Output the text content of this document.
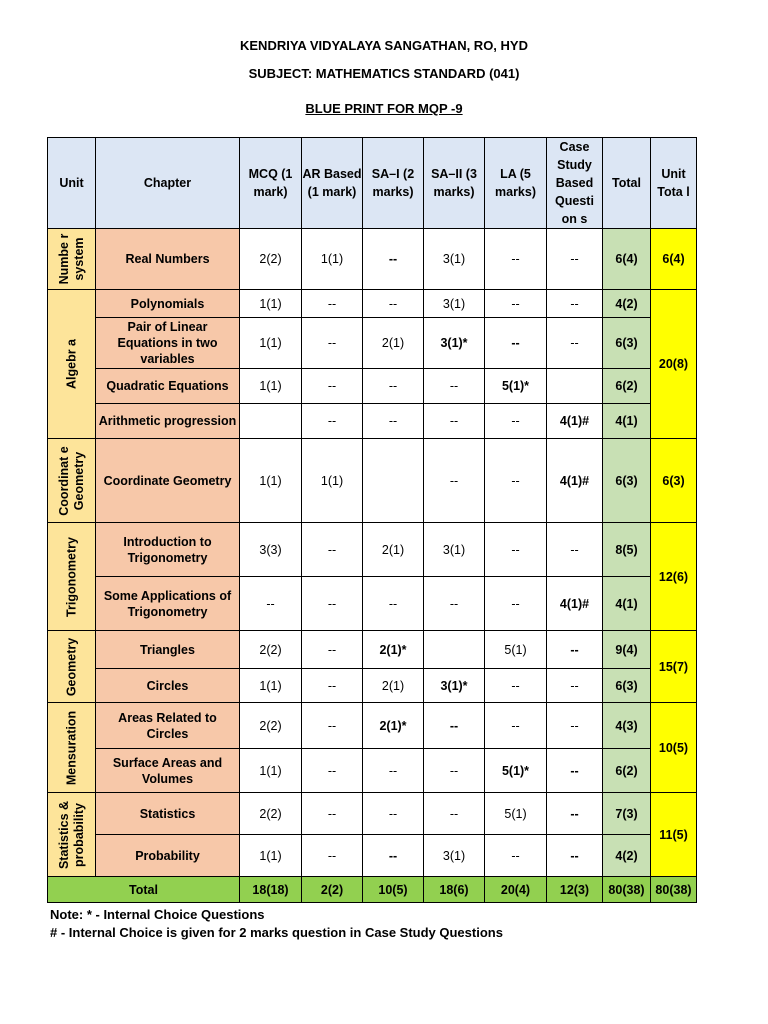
KENDRIYA VIDYALAYA SANGATHAN, RO, HYD
SUBJECT: MATHEMATICS STANDARD (041)
BLUE PRINT FOR MQP -9
Unit	Chapter	MCQ (1 mark)	AR Based (1 mark)	SA–I (2 marks)	SA–II (3 marks)	LA (5 marks)	Case Study Based Questi on s	Total	Unit Tota l

Numbe r system	Real Numbers	2(2)	1(1)	--	3(1)	--	--	6(4)	6(4)

Algebr a	Polynomials	1(1)	--	--	3(1)	--	--	4(2)	20(8)
	Pair of Linear Equations in two variables	1(1)	--	2(1)	3(1)*	--	--	6(3)	
	Quadratic Equations	1(1)	--	--	--	5(1)*		6(2)	
	Arithmetic progression		--	--	--	--	4(1)#	4(1)	

Coordinat e Geometry	Coordinate Geometry	1(1)	1(1)		--	--	4(1)#	6(3)	6(3)

Trigonometry	Introduction to Trigonometry	3(3)	--	2(1)	3(1)	--	--	8(5)	12(6)
	Some Applications of Trigonometry	--	--	--	--	--	4(1)#	4(1)	

Geometry	Triangles	2(2)	--	2(1)*		5(1)	--	9(4)	15(7)
	Circles	1(1)	--	2(1)	3(1)*	--	--	6(3)	

Mensuration	Areas Related to Circles	2(2)	--	2(1)*	--	--	--	4(3)	10(5)
	Surface Areas and Volumes	1(1)	--	--	--	5(1)*	--	6(2)	

Statistics & probability	Statistics	2(2)	--	--	--	5(1)	--	7(3)	11(5)
	Probability	1(1)	--	--	3(1)	--	--	4(2)	
Total		18(18)	2(2)	10(5)	18(6)	20(4)	12(3)	80(38)	80(38)
Note: * - Internal Choice Questions
# - Internal Choice is given for 2 marks question in Case Study Questions
